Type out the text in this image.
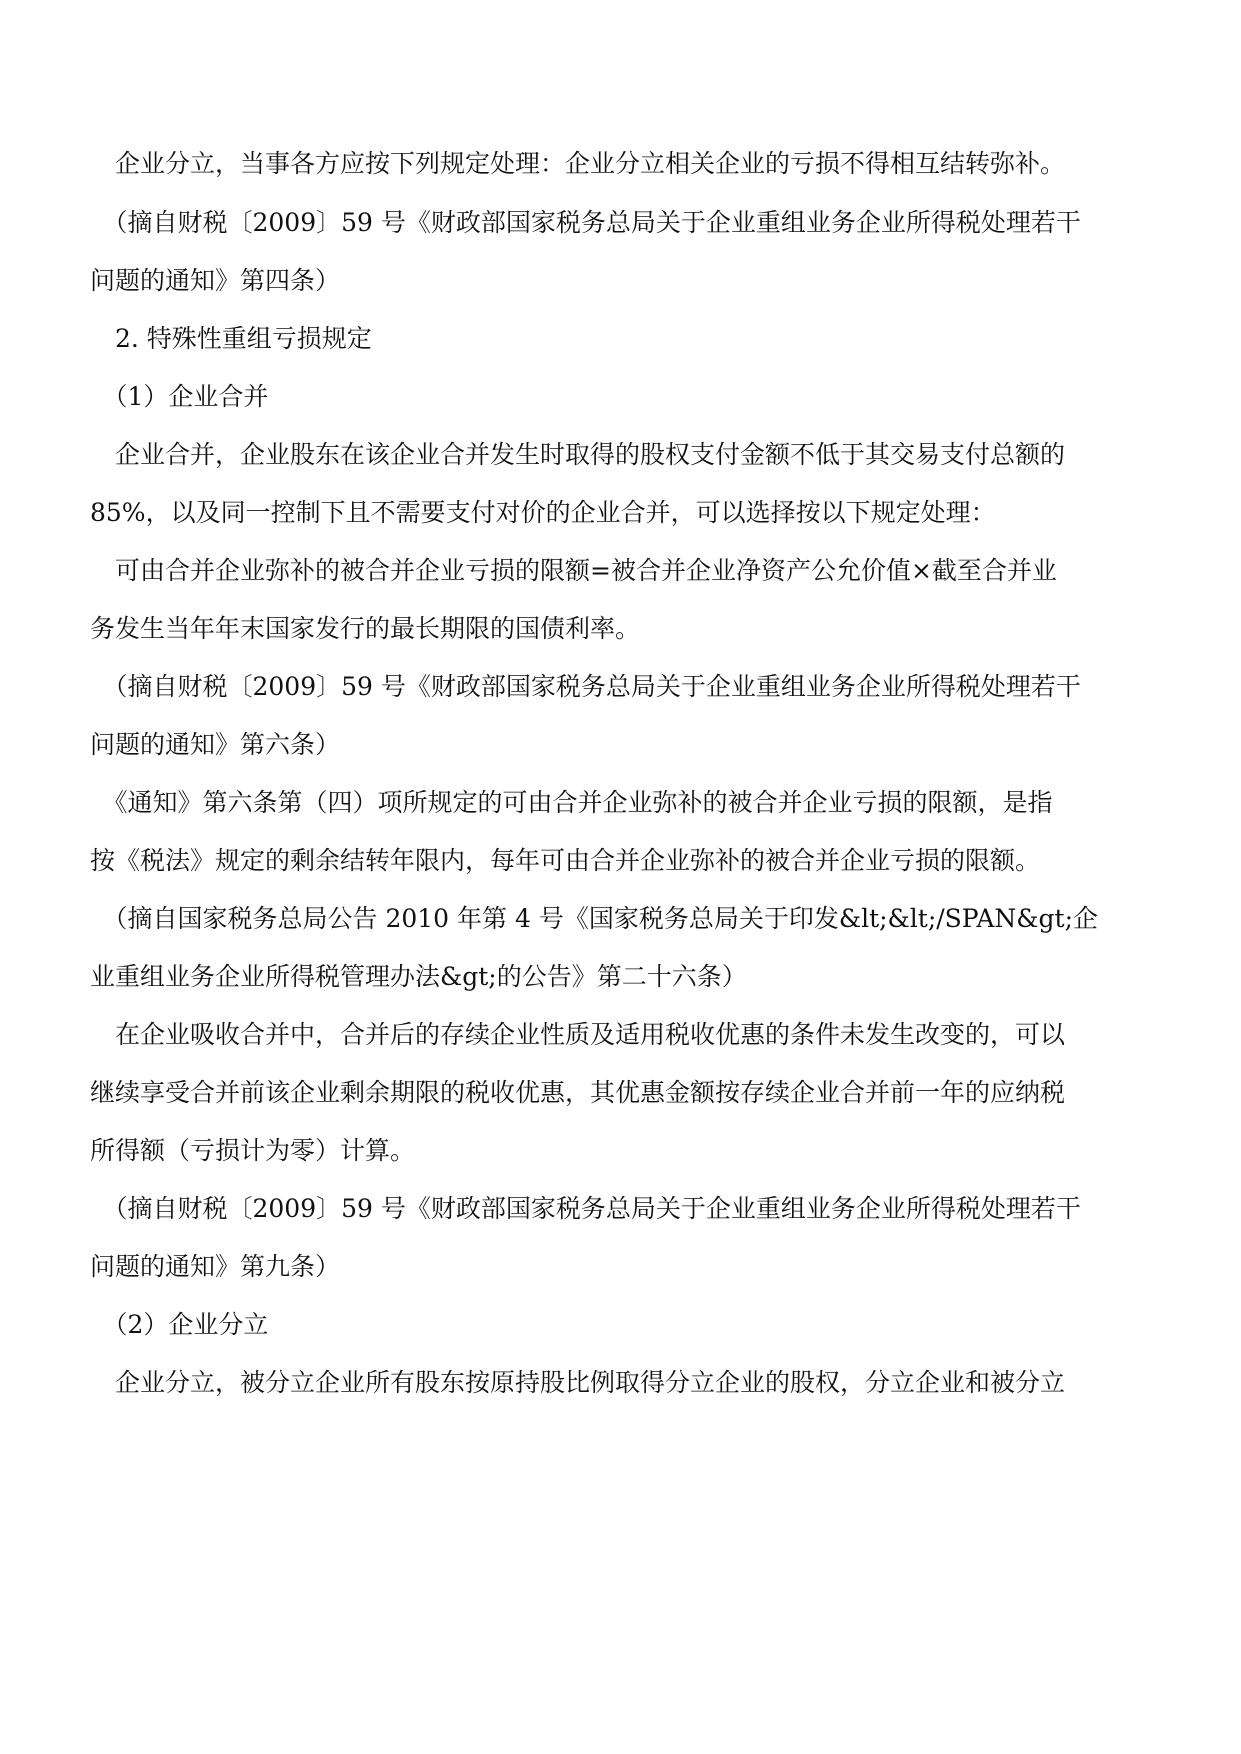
　企业分立，当事各方应按下列规定处理：企业分立相关企业的亏损不得相互结转弥补。

　（摘自财税〔2009〕59 号《财政部国家税务总局关于企业重组业务企业所得税处理若干

问题的通知》第四条）

　2. 特殊性重组亏损规定

　（1）企业合并

　企业合并，企业股东在该企业合并发生时取得的股权支付金额不低于其交易支付总额的

85%，以及同一控制下且不需要支付对价的企业合并，可以选择按以下规定处理：

　可由合并企业弥补的被合并企业亏损的限额=被合并企业净资产公允价值×截至合并业

务发生当年年末国家发行的最长期限的国债利率。

　（摘自财税〔2009〕59 号《财政部国家税务总局关于企业重组业务企业所得税处理若干

问题的通知》第六条）

　《通知》第六条第（四）项所规定的可由合并企业弥补的被合并企业亏损的限额，是指

按《税法》规定的剩余结转年限内，每年可由合并企业弥补的被合并企业亏损的限额。

　（摘自国家税务总局公告 2010 年第 4 号《国家税务总局关于印发&lt;&lt;/SPAN&gt;企

业重组业务企业所得税管理办法&gt;的公告》第二十六条）

　在企业吸收合并中，合并后的存续企业性质及适用税收优惠的条件未发生改变的，可以

继续享受合并前该企业剩余期限的税收优惠，其优惠金额按存续企业合并前一年的应纳税

所得额（亏损计为零）计算。

　（摘自财税〔2009〕59 号《财政部国家税务总局关于企业重组业务企业所得税处理若干

问题的通知》第九条）

　（2）企业分立

　企业分立，被分立企业所有股东按原持股比例取得分立企业的股权，分立企业和被分立
